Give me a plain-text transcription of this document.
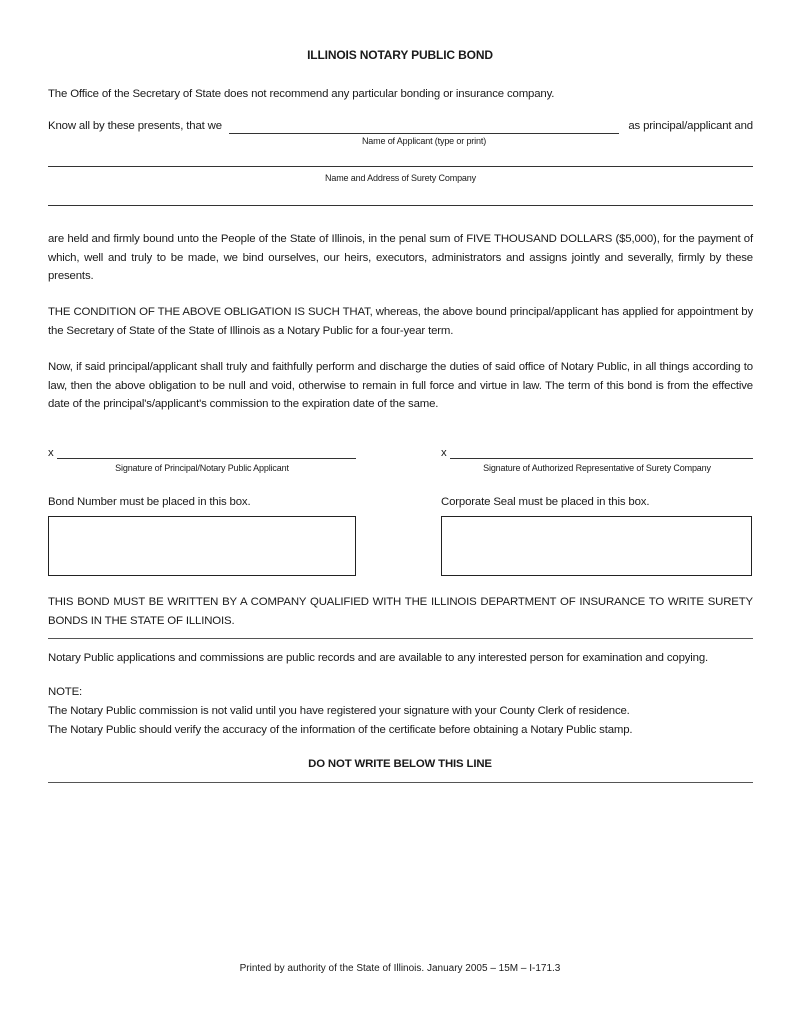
ILLINOIS NOTARY PUBLIC BOND
The Office of the Secretary of State does not recommend any particular bonding or insurance company.
Know all by these presents, that we	as principal/applicant and
Name of Applicant (type or print)
Name and Address of Surety Company
are held and firmly bound unto the People of the State of Illinois, in the penal sum of FIVE THOUSAND DOLLARS ($5,000), for the payment of which, well and truly to be made, we bind ourselves, our heirs, executors, administrators and assigns jointly and severally, firmly by these presents.
THE CONDITION OF THE ABOVE OBLIGATION IS SUCH THAT, whereas, the above bound principal/applicant has applied for appointment by the Secretary of State of the State of Illinois as a Notary Public for a four-year term.
Now, if said principal/applicant shall truly and faithfully perform and discharge the duties of said office of Notary Public, in all things according to law, then the above obligation to be null and void, otherwise to remain in full force and virtue in law. The term of this bond is from the effective date of the principal's/applicant's commission to the expiration date of the same.
x
Signature of Principal/Notary Public Applicant
x
Signature of Authorized Representative of Surety Company
Bond Number must be placed in this box.	Corporate Seal must be placed in this box.
THIS BOND MUST BE WRITTEN BY A COMPANY QUALIFIED WITH THE ILLINOIS DEPARTMENT OF INSURANCE TO WRITE SURETY BONDS IN THE STATE OF ILLINOIS.
Notary Public applications and commissions are public records and are available to any interested person for examination and copying.
NOTE:
The Notary Public commission is not valid until you have registered your signature with your County Clerk of residence.
The Notary Public should verify the accuracy of the information of the certificate before obtaining a Notary Public stamp.
DO NOT WRITE BELOW THIS LINE
Printed by authority of the State of Illinois. January 2005 – 15M – I-171.3
